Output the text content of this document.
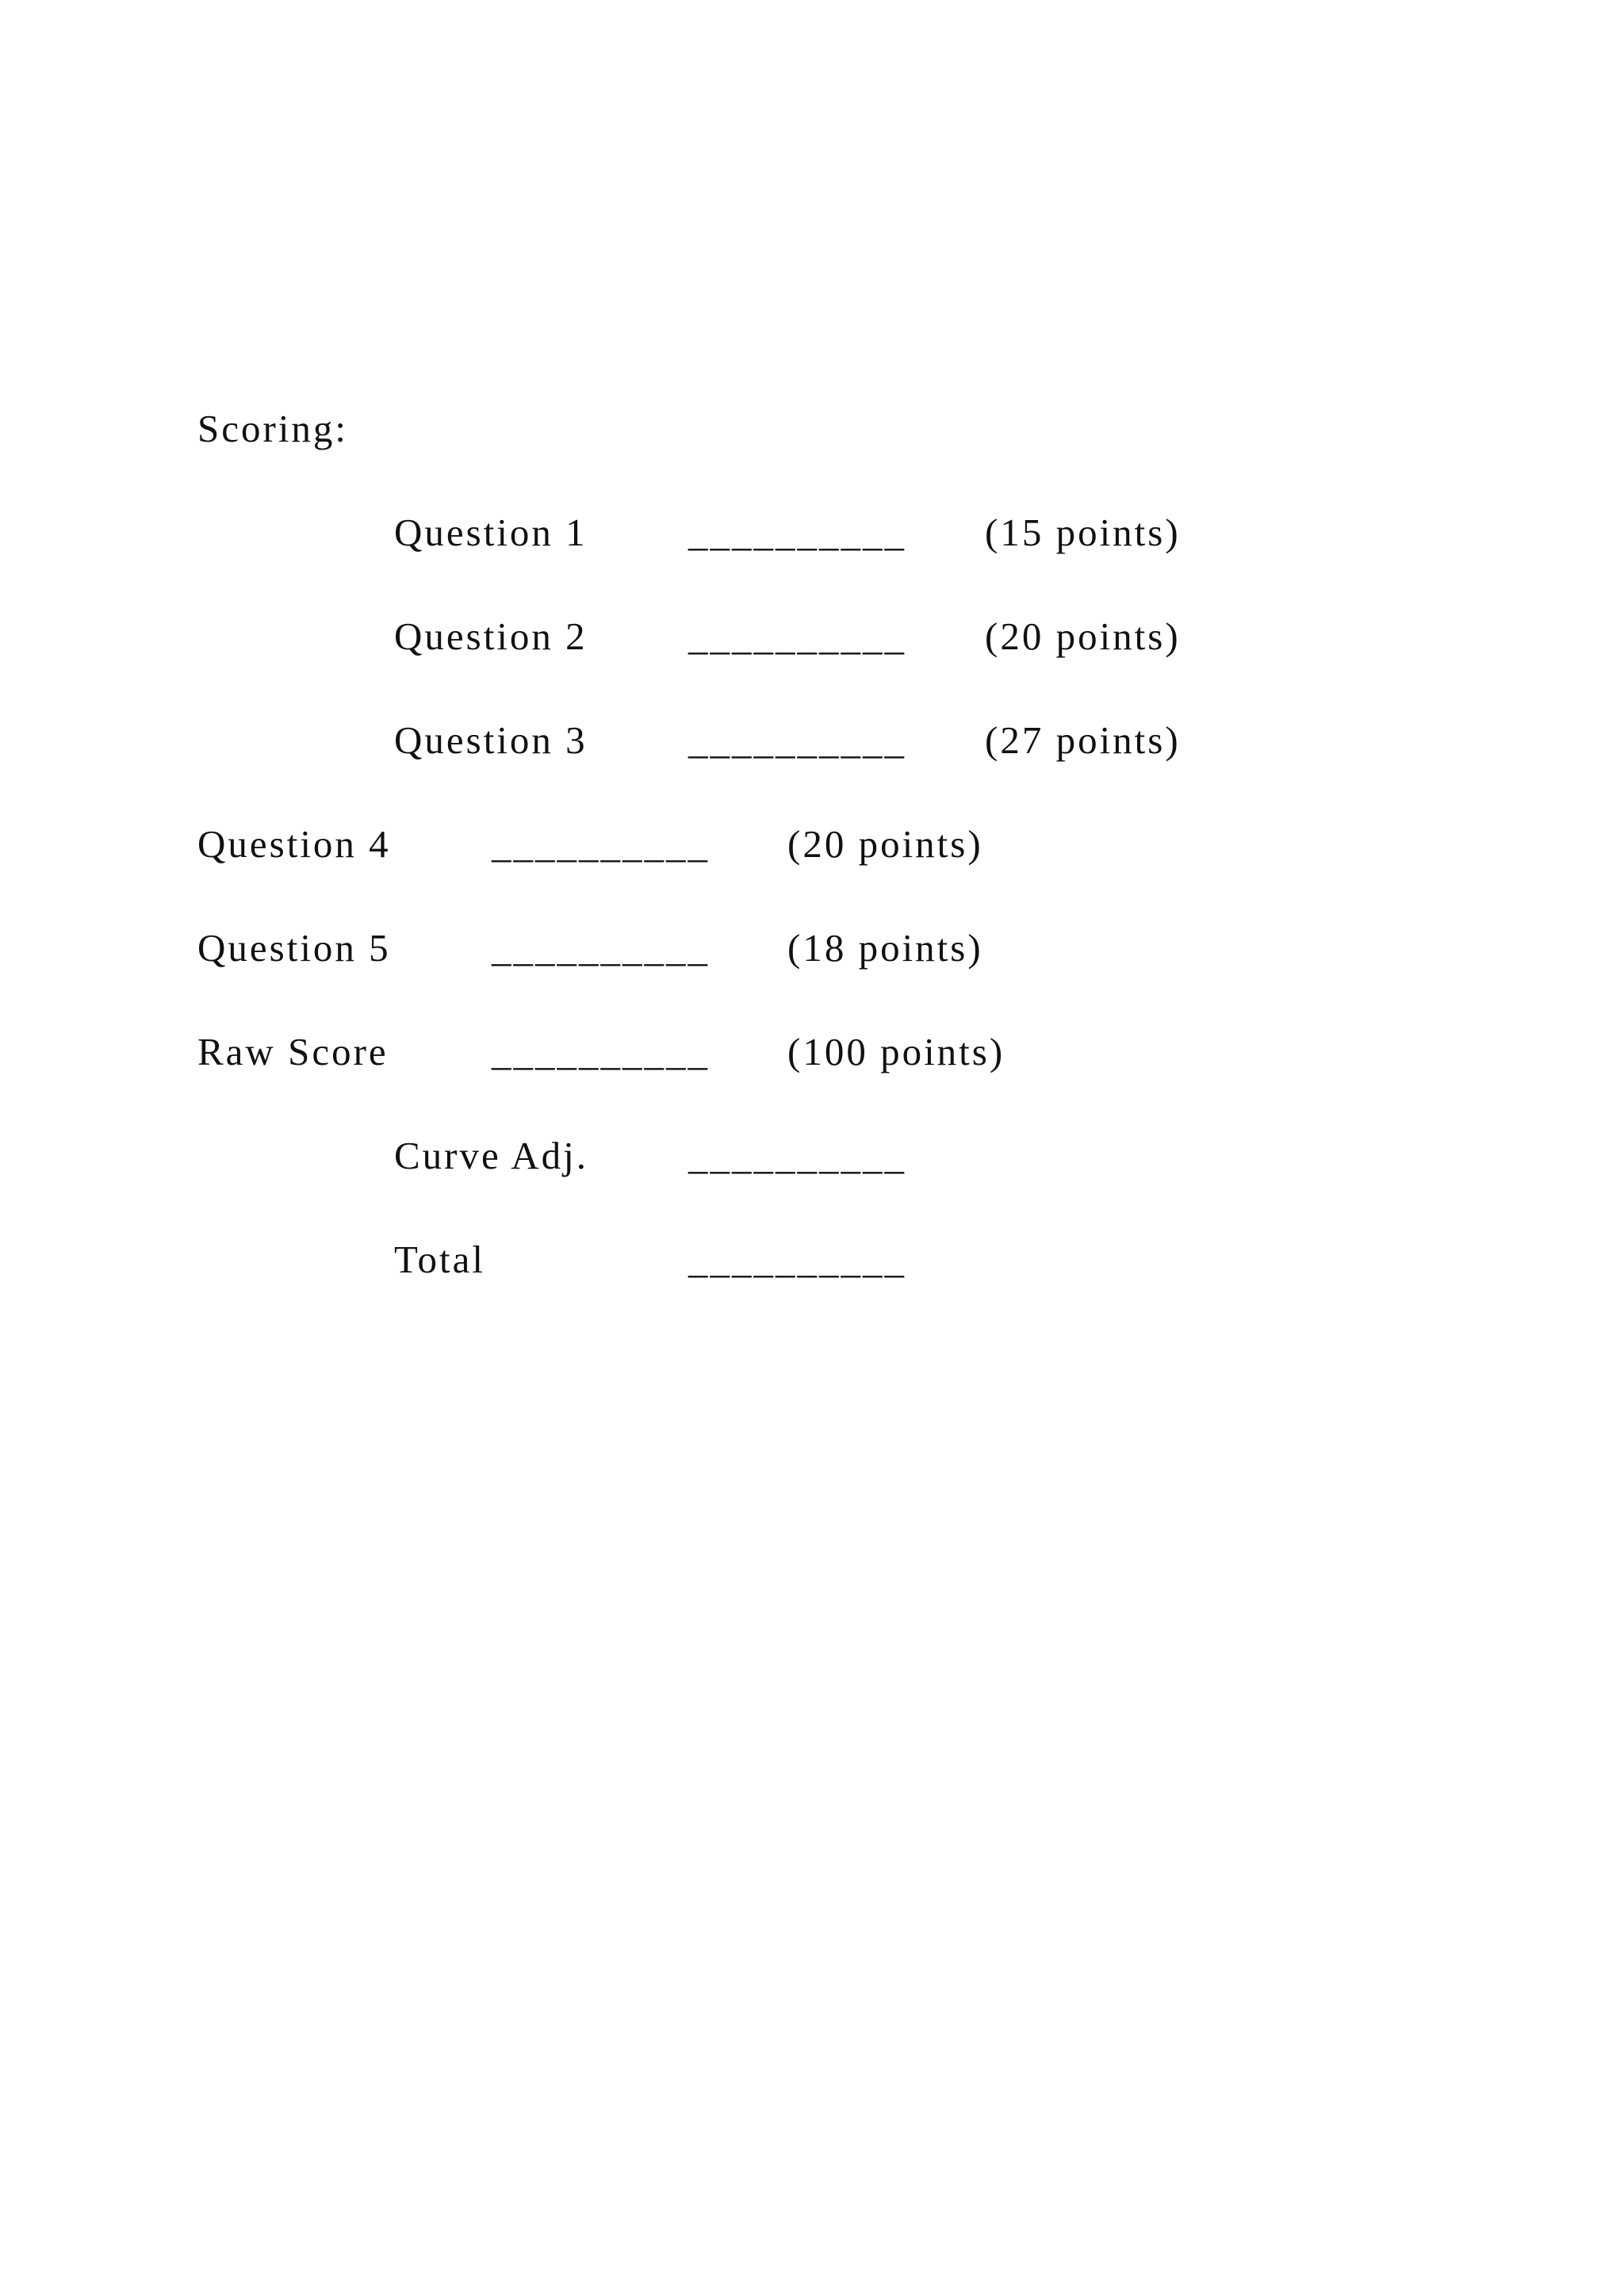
Scoring:
Question 1	__________ (15 points)
Question 2	__________ (20 points)
Question 3	__________ (27 points)
Question 4	__________ (20 points)
Question 5	__________ (18 points)
Raw Score	__________ (100 points)
Curve Adj.	__________
Total	__________
